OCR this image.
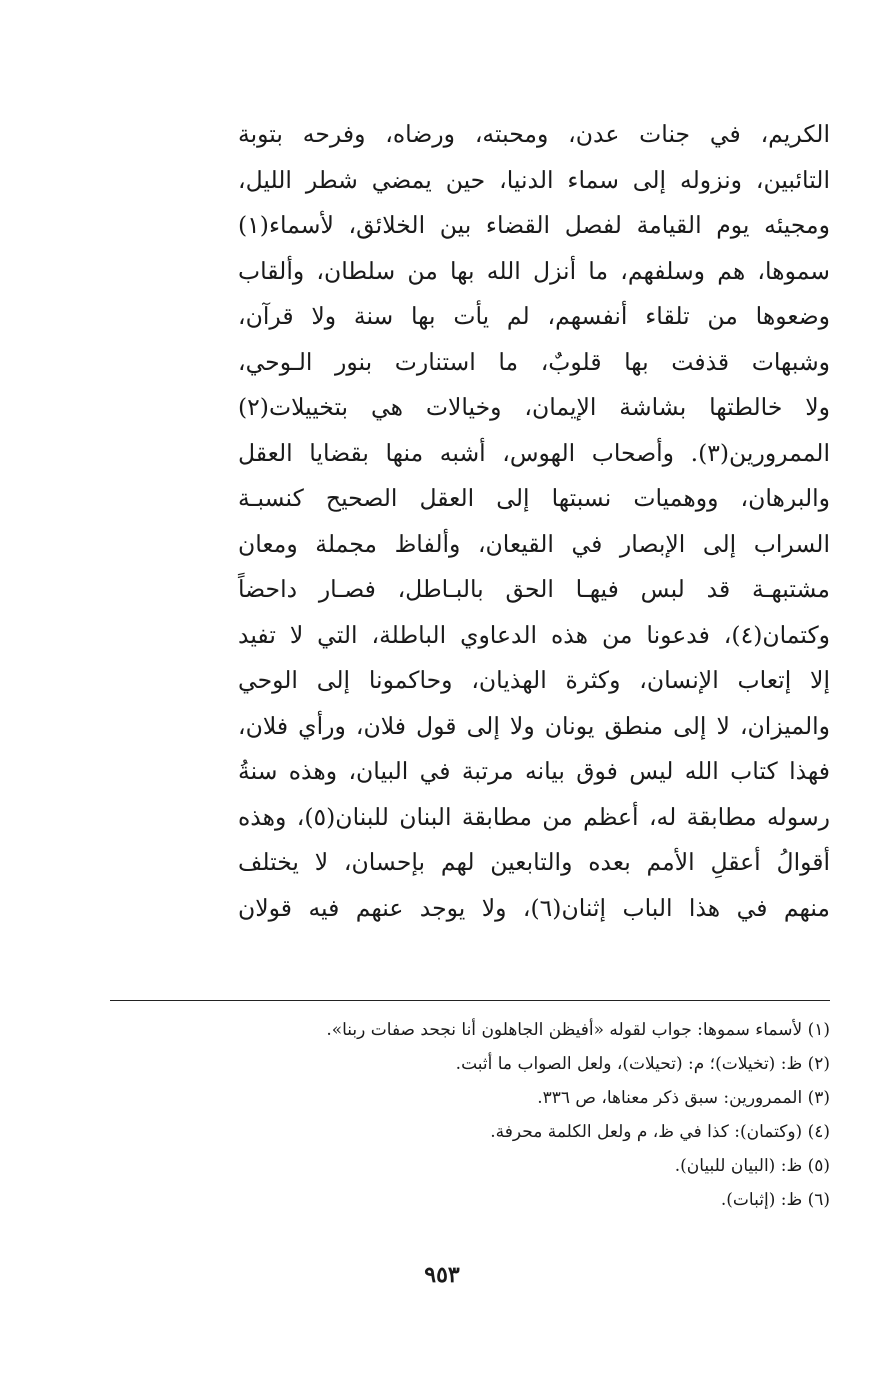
الكريم، في جنات عدن، ومحبته، ورضاه، وفرحه بتوبة
التائبين، ونزوله إلى سماء الدنيا، حين يمضي شطر الليل،
ومجيئه يوم القيامة لفصل القضاء بين الخلائق، لأسماء(١)
سموها، هم وسلفهم، ما أنزل الله بها من سلطان، وألقاب
وضعوها من تلقاء أنفسهم، لم يأت بها سنة ولا قرآن،
وشبهات قذفت بها قلوبٌ، ما استنارت بنور الـوحي،
ولا خالطتها بشاشة الإيمان، وخيالات هي بتخييلات(٢)
الممرورين(٣). وأصحاب الهوس، أشبه منها بقضايا العقل
والبرهان، ووهميات نسبتها إلى العقل الصحيح كنسبـة
السراب إلى الإبصار في القيعان، وألفاظ مجملة ومعان
مشتبهـة قد لبس فيهـا الحق بالبـاطل، فصـار داحضاً
وكتمان(٤)، فدعونا من هذه الدعاوي الباطلة، التي لا تفيد
إلا إتعاب الإنسان، وكثرة الهذيان، وحاكمونا إلى الوحي
والميزان، لا إلى منطق يونان ولا إلى قول فلان، ورأي فلان،
فهذا كتاب الله ليس فوق بيانه مرتبة في البيان، وهذه سنةُ
رسوله مطابقة له، أعظم من مطابقة البنان للبنان(٥)، وهذه
أقوالُ أعقلِ الأمم بعده والتابعين لهم بإحسان، لا يختلف
منهم في هذا الباب إثنان(٦)، ولا يوجد عنهم فيه قولان
(١) لأسماء سموها: جواب لقوله «أفيظن الجاهلون أنا نجحد صفات ربنا».
(٢) ظ: (تخيلات)؛ م: (تحيلات)، ولعل الصواب ما أثبت.
(٣) الممرورين: سبق ذكر معناها، ص ٣٣٦.
(٤) (وكتمان): كذا في ظ، م ولعل الكلمة محرفة.
(٥) ظ: (البيان للبيان).
(٦) ظ: (إثبات).
٩٥٣
